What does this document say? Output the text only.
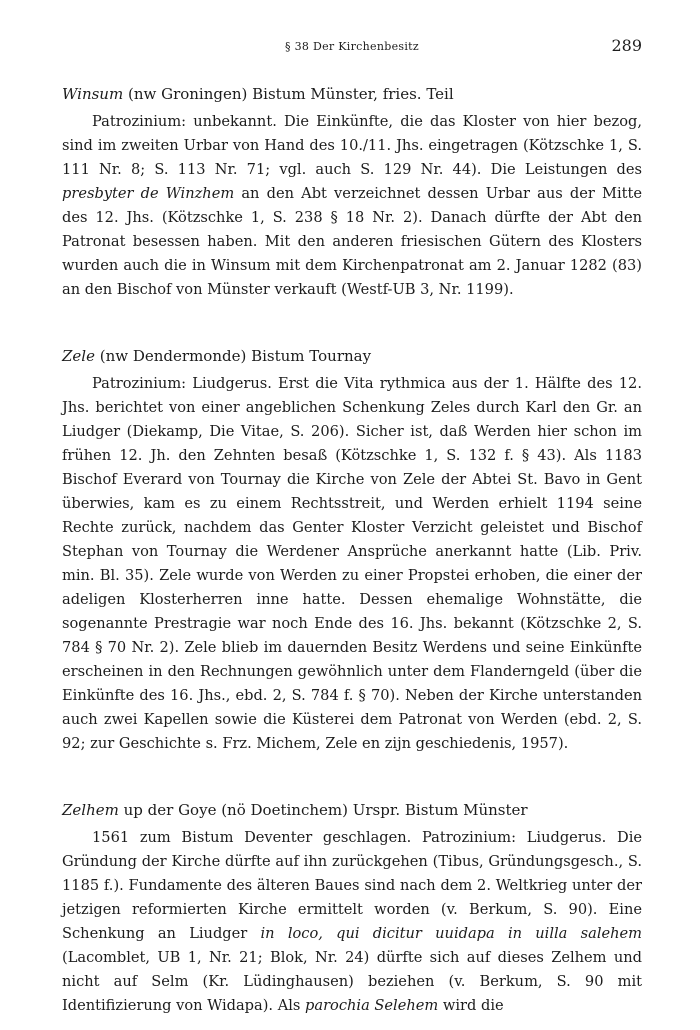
§ 38 Der Kirchenbesitz	289
Winsum (nw Groningen) Bistum Münster, fries. Teil

Patrozinium: unbekannt. Die Einkünfte, die das Kloster von hier bezog, sind im zweiten Urbar von Hand des 10./11. Jhs. eingetragen (Kötzschke 1, S. 111 Nr. 8; S. 113 Nr. 71; vgl. auch S. 129 Nr. 44). Die Leistungen des presbyter de Winzhem an den Abt verzeichnet dessen Urbar aus der Mitte des 12. Jhs. (Kötzschke 1, S. 238 § 18 Nr. 2). Danach dürfte der Abt den Patronat besessen haben. Mit den anderen friesischen Gütern des Klosters wurden auch die in Winsum mit dem Kirchenpatronat am 2. Januar 1282 (83) an den Bischof von Münster verkauft (Westf-UB 3, Nr. 1199).

Zele (nw Dendermonde) Bistum Tournay

Patrozinium: Liudgerus. Erst die Vita rythmica aus der 1. Hälfte des 12. Jhs. berichtet von einer angeblichen Schenkung Zeles durch Karl den Gr. an Liudger (Diekamp, Die Vitae, S. 206). Sicher ist, daß Werden hier schon im frühen 12. Jh. den Zehnten besaß (Kötzschke 1, S. 132 f. § 43). Als 1183 Bischof Everard von Tournay die Kirche von Zele der Abtei St. Bavo in Gent überwies, kam es zu einem Rechtsstreit, und Werden erhielt 1194 seine Rechte zurück, nachdem das Genter Kloster Verzicht geleistet und Bischof Stephan von Tournay die Werdener Ansprüche anerkannt hatte (Lib. Priv. min. Bl. 35). Zele wurde von Werden zu einer Propstei erhoben, die einer der adeligen Klosterherren inne hatte. Dessen ehemalige Wohnstätte, die sogenannte Prestragie war noch Ende des 16. Jhs. bekannt (Kötzschke 2, S. 784 § 70 Nr. 2). Zele blieb im dauernden Besitz Werdens und seine Einkünfte erscheinen in den Rechnungen gewöhnlich unter dem Flanderngeld (über die Einkünfte des 16. Jhs., ebd. 2, S. 784 f. § 70). Neben der Kirche unterstanden auch zwei Kapellen sowie die Küsterei dem Patronat von Werden (ebd. 2, S. 92; zur Geschichte s. Frz. Michem, Zele en zijn geschiedenis, 1957).

Zelhem up der Goye (nö Doetinchem) Urspr. Bistum Münster

1561 zum Bistum Deventer geschlagen. Patrozinium: Liudgerus. Die Gründung der Kirche dürfte auf ihn zurückgehen (Tibus, Gründungsgesch., S. 1185 f.). Fundamente des älteren Baues sind nach dem 2. Weltkrieg unter der jetzigen reformierten Kirche ermittelt worden (v. Berkum, S. 90). Eine Schenkung an Liudger in loco, qui dicitur uuidapa in uilla salehem (Lacomblet, UB 1, Nr. 21; Blok, Nr. 24) dürfte sich auf dieses Zelhem und nicht auf Selm (Kr. Lüdinghausen) beziehen (v. Berkum, S. 90 mit Identifizierung von Widapa). Als parochia Selehem wird die
